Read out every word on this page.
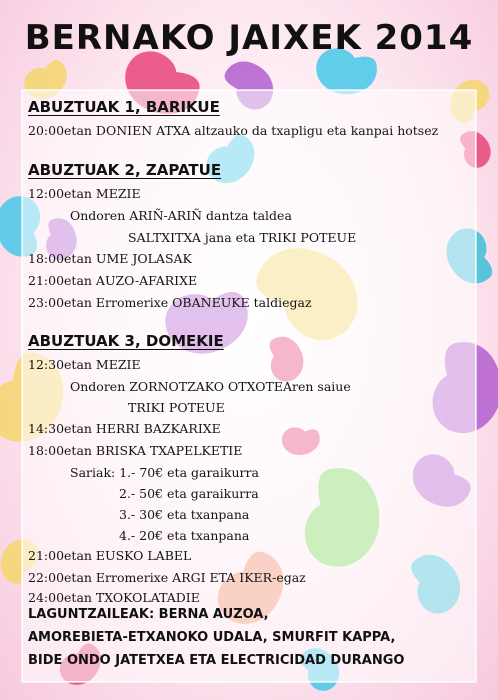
BERNAKO JAIXEK 2014
ABUZTUAK 1, BARIKUE
20:00etan DONIEN ATXA altzauko da txapligu eta kanpai hotsez
ABUZTUAK 2, ZAPATUE
12:00etan MEZIE
Ondoren ARIÑ-ARIÑ dantza taldea
SALTXITXA jana eta TRIKI POTEUE
18:00etan UME JOLASAK
21:00etan AUZO-AFARIXE
23:00etan Erromerixe OBANEUKE taldiegaz
ABUZTUAK 3, DOMEKIE
12:30etan MEZIE
Ondoren ZORNOTZAKO OTXOTEAren saiue
TRIKI POTEUE
14:30etan HERRI BAZKARIXE
18:00etan BRISKA TXAPELKETIE
Sariak: 1.- 70€ eta garaikurra
2.- 50€ eta garaikurra
3.- 30€ eta txanpana
4.- 20€ eta txanpana
21:00etan EUSKO LABEL
22:00etan Erromerixe ARGI ETA IKER-egaz
24:00etan TXOKOLATADIE
LAGUNTZAILEAK: BERNA AUZOA,
AMOREBIETA-ETXANOKO UDALA, SMURFIT KAPPA,
BIDE ONDO JATETXEA ETA ELECTRICIDAD DURANGO
